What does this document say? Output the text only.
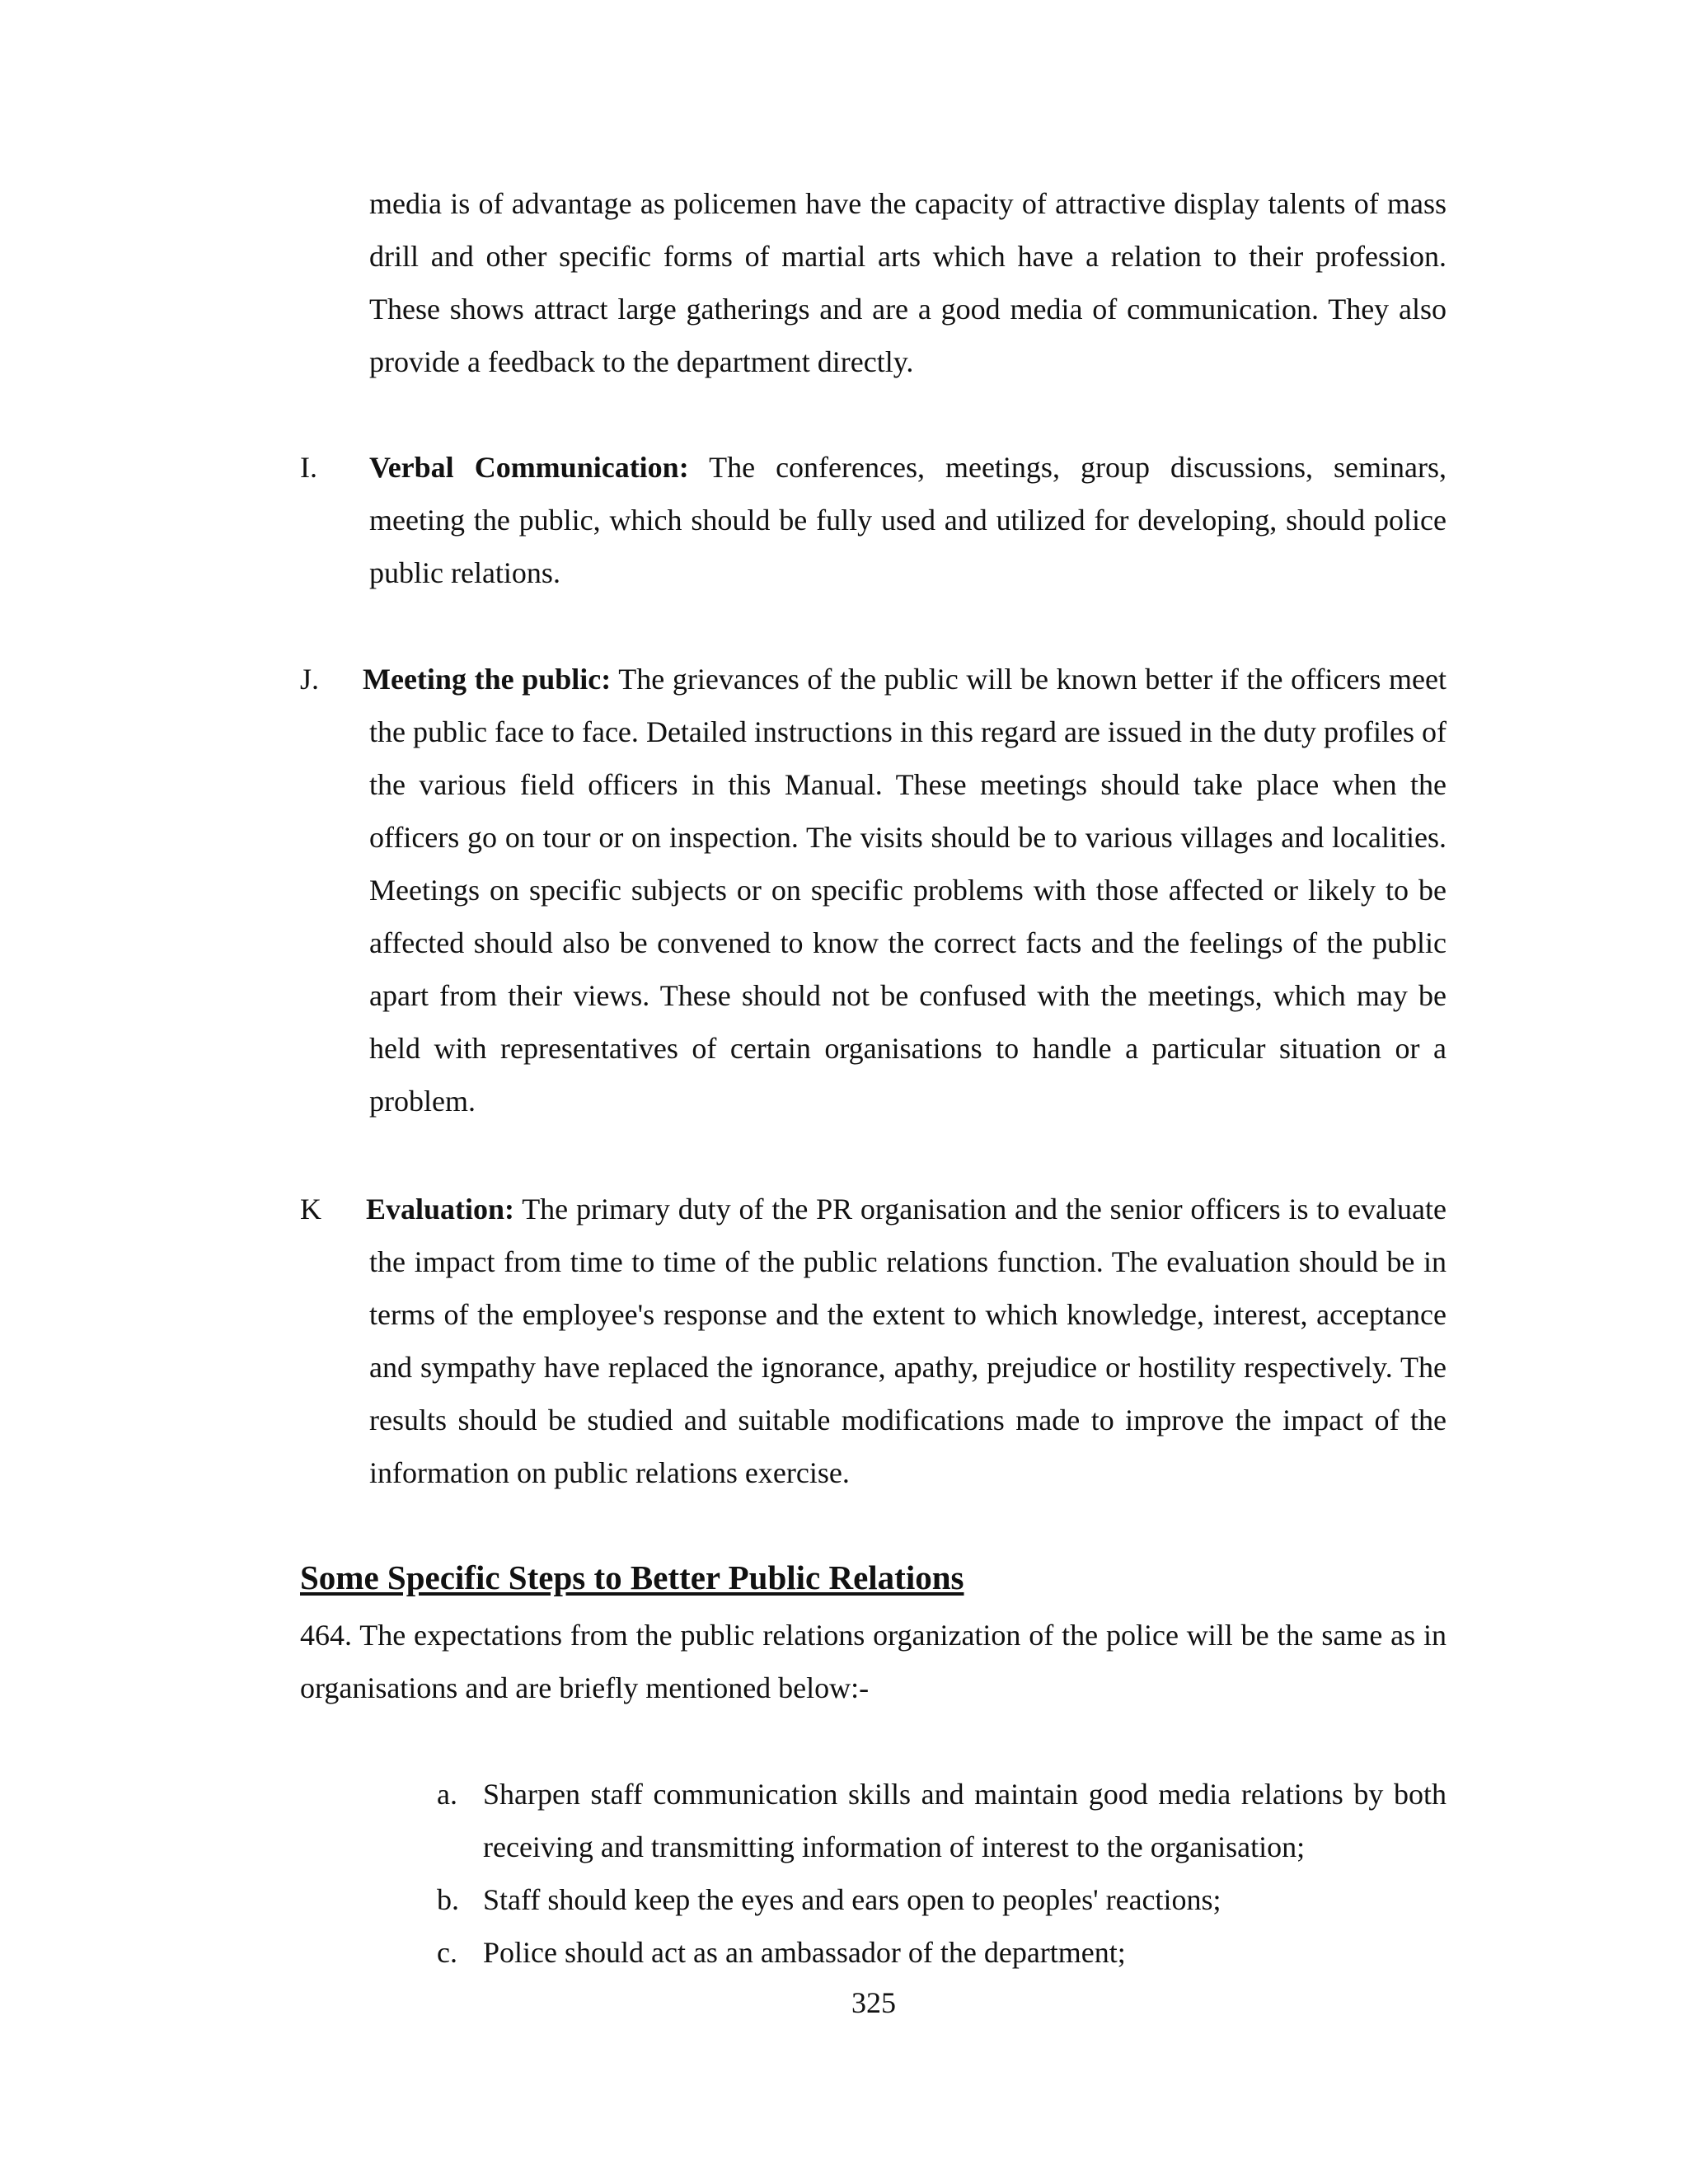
media is of advantage as policemen have the capacity of attractive display talents of mass drill and other specific forms of martial arts which have a relation to their profession. These shows attract large gatherings and are a good media of communication. They also provide a feedback to the department directly.
I. Verbal Communication: The conferences, meetings, group discussions, seminars, meeting the public, which should be fully used and utilized for developing, should police public relations.
J. Meeting the public: The grievances of the public will be known better if the officers meet the public face to face. Detailed instructions in this regard are issued in the duty profiles of the various field officers in this Manual. These meetings should take place when the officers go on tour or on inspection. The visits should be to various villages and localities. Meetings on specific subjects or on specific problems with those affected or likely to be affected should also be convened to know the correct facts and the feelings of the public apart from their views. These should not be confused with the meetings, which may be held with representatives of certain organisations to handle a particular situation or a problem.
K Evaluation: The primary duty of the PR organisation and the senior officers is to evaluate the impact from time to time of the public relations function. The evaluation should be in terms of the employee's response and the extent to which knowledge, interest, acceptance and sympathy have replaced the ignorance, apathy, prejudice or hostility respectively. The results should be studied and suitable modifications made to improve the impact of the information on public relations exercise.
Some Specific Steps to Better Public Relations
464. The expectations from the public relations organization of the police will be the same as in organisations and are briefly mentioned below:-
a. Sharpen staff communication skills and maintain good media relations by both receiving and transmitting information of interest to the organisation;
b. Staff should keep the eyes and ears open to peoples' reactions;
c. Police should act as an ambassador of the department;
325
